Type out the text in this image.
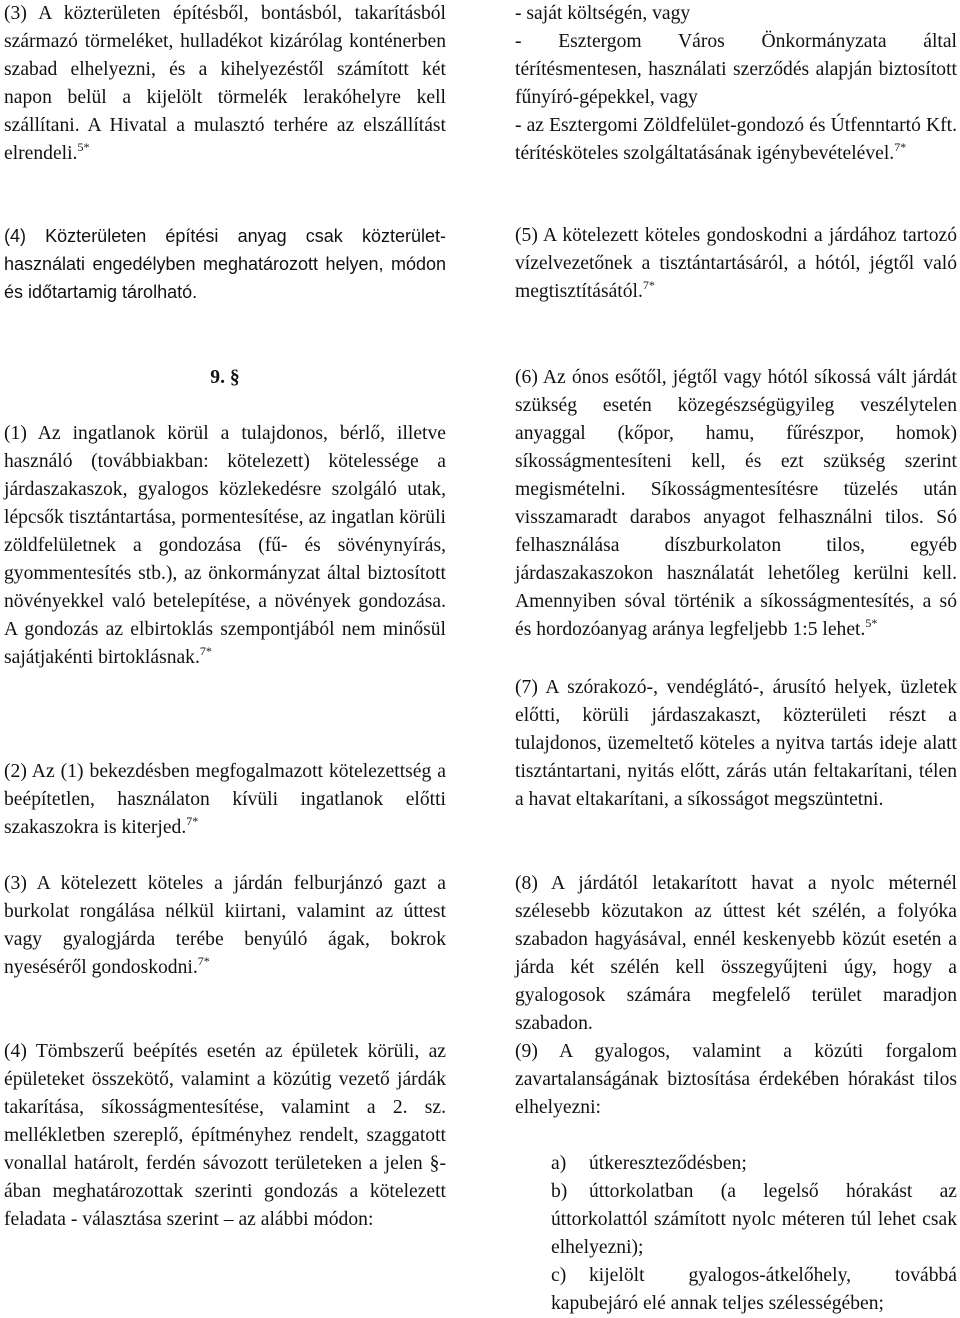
(3) A közterületen építésből, bontásból, takarításból származó törmeléket, hulladékot kizárólag konténerben szabad elhelyezni, és a kihelyezéstől számított két napon belül a kijelölt törmelék lerakóhelyre kell szállítani. A Hivatal a mulasztó terhére az elszállítást elrendeli.$^{5*}$

(4) Közterületen építési anyag csak közterület-használati engedélyben meghatározott helyen, módon és időtartamig tárolható.

9. §

(1) Az ingatlanok körül a tulajdonos, bérlő, illetve használó (továbbiakban: kötelezett) kötelessége a járdaszakaszok, gyalogos közlekedésre szolgáló utak, lépcsők tisztántartása, pormentesítése, az ingatlan körüli zöldfelületnek a gondozása (fű- és sövénynyírás, gyommentesítés stb.), az önkormányzat által biztosított növényekkel való betelepítése, a növények gondozása. A gondozás az elbirtoklás szempontjából nem minősül sajátjakénti birtoklásnak.$^{7*}$

(2) Az (1) bekezdésben megfogalmazott kötelezettség a beépítetlen, használaton kívüli ingatlanok előtti szakaszokra is kiterjed.$^{7*}$

(3) A kötelezett köteles a járdán felburjánzó gazt a burkolat rongálása nélkül kiirtani, valamint az úttest vagy gyalogjárda terébe benyúló ágak, bokrok nyeséséről gondoskodni.$^{7*}$

(4) Tömbszerű beépítés esetén az épületek körüli, az épületeket összekötő, valamint a közútig vezető járdák takarítása, síkosságmentesítése, valamint a 2. sz. mellékletben szereplő, építményhez rendelt, szaggatott vonallal határolt, ferdén sávozott területeken a jelen §-ában meghatározottak szerinti gondozás a kötelezett feladata - választása szerint – az alábbi módon:

- saját költségén, vagy
- Esztergom Város Önkormányzata által térítésmentesen, használati szerződés alapján biztosított fűnyíró-gépekkel, vagy
- az Esztergomi Zöldfelület-gondozó és Útfenntartó Kft. térítésköteles szolgáltatásának igénybevételével.$^{7*}$

(5) A kötelezett köteles gondoskodni a járdához tartozó vízelvezetőnek a tisztántartásáról, a hótól, jégtől való megtisztításától.$^{7*}$

(6) Az ónos esőtől, jégtől vagy hótól síkossá vált járdát szükség esetén közegészségügyileg veszélytelen anyaggal (kőpor, hamu, fűrészpor, homok) síkosságmentesíteni kell, és ezt szükség szerint megismételni. Síkosságmentesítésre tüzelés után visszamaradt darabos anyagot felhasználni tilos. Só felhasználása díszburkolaton tilos, egyéb járdaszakaszokon használatát lehetőleg kerülni kell. Amennyiben sóval történik a síkosságmentesítés, a só és hordozóanyag aránya legfeljebb 1:5 lehet.$^{5*}$

(7) A szórakozó-, vendéglátó-, árusító helyek, üzletek előtti, körüli járdaszakaszt, közterületi részt a tulajdonos, üzemeltető köteles a nyitva tartás ideje alatt tisztántartani, nyitás előtt, zárás után feltakarítani, télen a havat eltakarítani, a síkosságot megszüntetni.

(8) A járdától letakarított havat a nyolc méternél szélesebb közutakon az úttest két szélén, a folyóka szabadon hagyásával, ennél keskenyebb közút esetén a járda két szélén kell összegyűjteni úgy, hogy a gyalogosok számára megfelelő terület maradjon szabadon.

(9) A gyalogos, valamint a közúti forgalom zavartalanságának biztosítása érdekében hórakást tilos elhelyezni:

a) útkereszteződésben;

b) úttorkolatban (a legelső hórakást az úttorkolattól számított nyolc méteren túl lehet csak elhelyezni);

c) kijelölt gyalogos-átkelőhely, továbbá kapubejáró elé annak teljes szélességében;
